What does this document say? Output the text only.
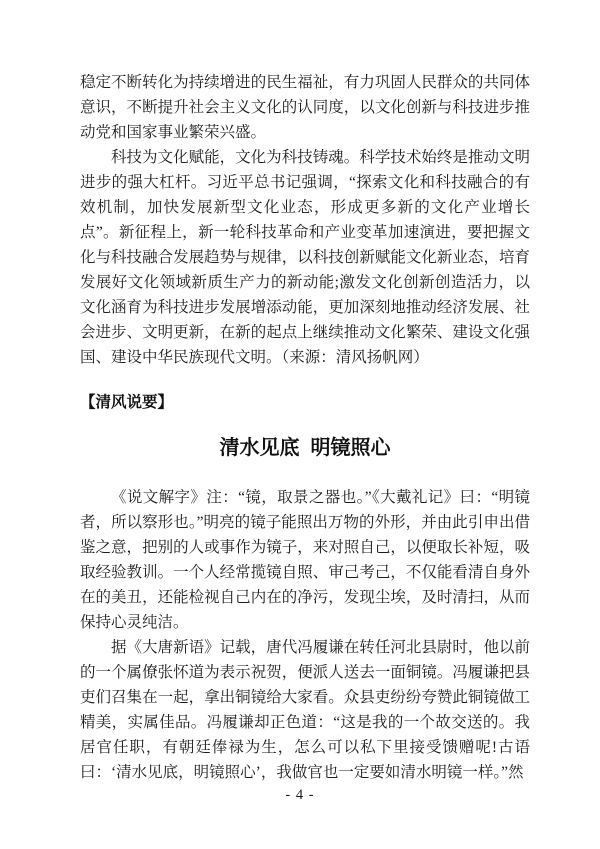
稳定不断转化为持续增进的民生福祉，有力巩固人民群众的共同体意识，不断提升社会主义文化的认同度，以文化创新与科技进步推动党和国家事业繁荣兴盛。

科技为文化赋能，文化为科技铸魂。科学技术始终是推动文明进步的强大杠杆。习近平总书记强调，“探索文化和科技融合的有效机制，加快发展新型文化业态，形成更多新的文化产业增长点”。新征程上，新一轮科技革命和产业变革加速演进，要把握文化与科技融合发展趋势与规律，以科技创新赋能文化新业态，培育发展好文化领域新质生产力的新动能;激发文化创新创造活力，以文化涵育为科技进步发展增添动能，更加深刻地推动经济发展、社会进步、文明更新，在新的起点上继续推动文化繁荣、建设文化强国、建设中华民族现代文明。（来源：清风扬帆网）

【清风说要】
清水见底 明镜照心

《说文解字》注：“镜，取景之器也。”《大戴礼记》曰：“明镜者，所以察形也。”明亮的镜子能照出万物的外形，并由此引申出借鉴之意，把别的人或事作为镜子，来对照自己，以便取长补短，吸取经验教训。一个人经常揽镜自照、审己考己，不仅能看清自身外在的美丑，还能检视自己内在的净污，发现尘埃，及时清扫，从而保持心灵纯洁。

据《大唐新语》记载，唐代冯履谦在转任河北县尉时，他以前的一个属僚张怀道为表示祝贺，便派人送去一面铜镜。冯履谦把县吏们召集在一起，拿出铜镜给大家看。众县吏纷纷夸赞此铜镜做工精美，实属佳品。冯履谦却正色道：“这是我的一个故交送的。我居官任职，有朝廷俸禄为生，怎么可以私下里接受馈赠呢!古语曰：‘清水见底，明镜照心’，我做官也一定要如清水明镜一样。”然

- 4 -
